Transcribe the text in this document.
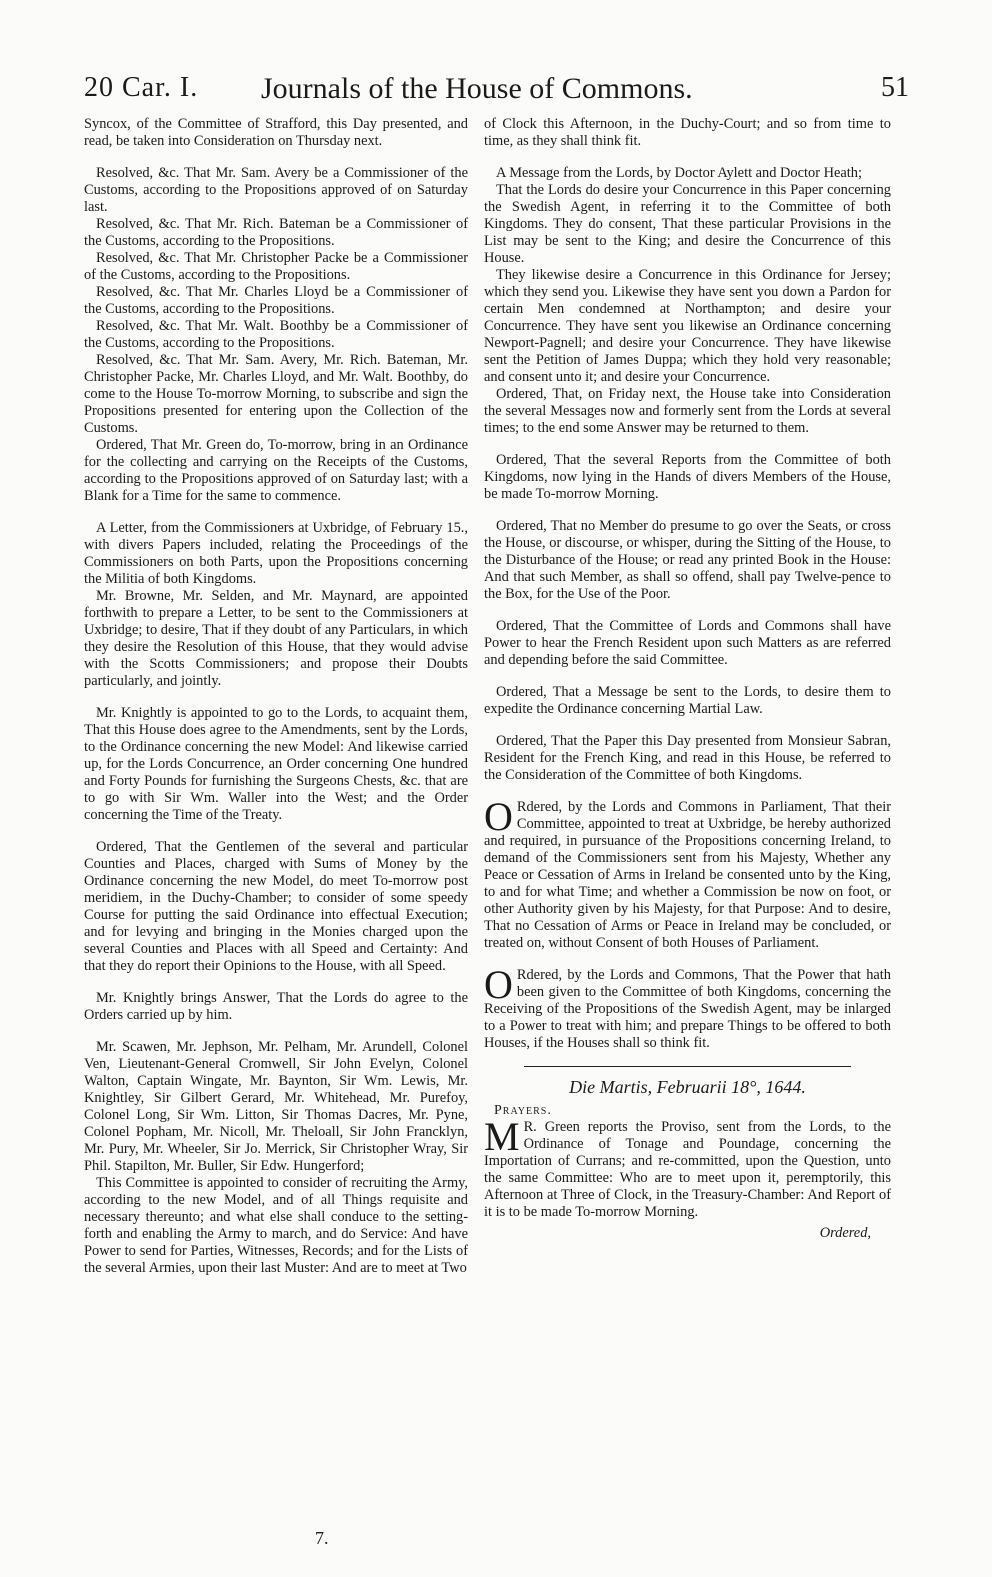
20 Car. I. Journals of the House of Commons.	51

Syncox, of the Committee of Strafford, this Day presented, and read, be taken into Consideration on Thursday next.

Resolved, &c. That Mr. Sam. Avery be a Commissioner of the Customs, according to the Propositions approved of on Saturday last.

Resolved, &c. That Mr. Rich. Bateman be a Commissioner of the Customs, according to the Propositions.

Resolved, &c. That Mr. Christopher Packe be a Commissioner of the Customs, according to the Propositions.

Resolved, &c. That Mr. Charles Lloyd be a Commissioner of the Customs, according to the Propositions.

Resolved, &c. That Mr. Walt. Boothby be a Commissioner of the Customs, according to the Propositions.

Resolved, &c. That Mr. Sam. Avery, Mr. Rich. Bateman, Mr. Christopher Packe, Mr. Charles Lloyd, and Mr. Walt. Boothby, do come to the House To-morrow Morning, to subscribe and sign the Propositions presented for entering upon the Collection of the Customs.

Ordered, That Mr. Green do, To-morrow, bring in an Ordinance for the collecting and carrying on the Receipts of the Customs, according to the Propositions approved of on Saturday last; with a Blank for a Time for the same to commence.

A Letter, from the Commissioners at Uxbridge, of February 15., with divers Papers included, relating the Proceedings of the Commissioners on both Parts, upon the Propositions concerning the Militia of both Kingdoms.

Mr. Browne, Mr. Selden, and Mr. Maynard, are appointed forthwith to prepare a Letter, to be sent to the Commissioners at Uxbridge; to desire, That if they doubt of any Particulars, in which they desire the Resolution of this House, that they would advise with the Scotts Commissioners; and propose their Doubts particularly, and jointly.

Mr. Knightly is appointed to go to the Lords, to acquaint them, That this House does agree to the Amendments, sent by the Lords, to the Ordinance concerning the new Model: And likewise carried up, for the Lords Concurrence, an Order concerning One hundred and Forty Pounds for furnishing the Surgeons Chests, &c. that are to go with Sir Wm. Waller into the West; and the Order concerning the Time of the Treaty.

Ordered, That the Gentlemen of the several and particular Counties and Places, charged with Sums of Money by the Ordinance concerning the new Model, do meet To-morrow post meridiem, in the Duchy-Chamber; to consider of some speedy Course for putting the said Ordinance into effectual Execution; and for levying and bringing in the Monies charged upon the several Counties and Places with all Speed and Certainty: And that they do report their Opinions to the House, with all Speed.

Mr. Knightly brings Answer, That the Lords do agree to the Orders carried up by him.

Mr. Scawen, Mr. Jephson, Mr. Pelham, Mr. Arundell, Colonel Ven, Lieutenant-General Cromwell, Sir John Evelyn, Colonel Walton, Captain Wingate, Mr. Baynton, Sir Wm. Lewis, Mr. Knightley, Sir Gilbert Gerard, Mr. Whitehead, Mr. Purefoy, Colonel Long, Sir Wm. Litton, Sir Thomas Dacres, Mr. Pyne, Colonel Popham, Mr. Nicoll, Mr. Theloall, Sir John Francklyn, Mr. Pury, Mr. Wheeler, Sir Jo. Merrick, Sir Christopher Wray, Sir Phil. Stapilton, Mr. Buller, Sir Edw. Hungerford;

This Committee is appointed to consider of recruiting the Army, according to the new Model, and of all Things requisite and necessary thereunto; and what else shall conduce to the setting-forth and enabling the Army to march, and do Service: And have Power to send for Parties, Witnesses, Records; and for the Lists of the several Armies, upon their last Muster: And are to meet at Two

of Clock this Afternoon, in the Duchy-Court; and so from time to time, as they shall think fit.

A Message from the Lords, by Doctor Aylett and Doctor Heath;

That the Lords do desire your Concurrence in this Paper concerning the Swedish Agent, in referring it to the Committee of both Kingdoms. They do consent, That these particular Provisions in the List may be sent to the King; and desire the Concurrence of this House.

They likewise desire a Concurrence in this Ordinance for Jersey; which they send you. Likewise they have sent you down a Pardon for certain Men condemned at Northampton; and desire your Concurrence. They have sent you likewise an Ordinance concerning Newport-Pagnell; and desire your Concurrence. They have likewise sent the Petition of James Duppa; which they hold very reasonable; and consent unto it; and desire your Concurrence.

Ordered, That, on Friday next, the House take into Consideration the several Messages now and formerly sent from the Lords at several times; to the end some Answer may be returned to them.

Ordered, That the several Reports from the Committee of both Kingdoms, now lying in the Hands of divers Members of the House, be made To-morrow Morning.

Ordered, That no Member do presume to go over the Seats, or cross the House, or discourse, or whisper, during the Sitting of the House, to the Disturbance of the House; or read any printed Book in the House: And that such Member, as shall so offend, shall pay Twelve-pence to the Box, for the Use of the Poor.

Ordered, That the Committee of Lords and Commons shall have Power to hear the French Resident upon such Matters as are referred and depending before the said Committee.

Ordered, That a Message be sent to the Lords, to desire them to expedite the Ordinance concerning Martial Law.

Ordered, That the Paper this Day presented from Monsieur Sabran, Resident for the French King, and read in this House, be referred to the Consideration of the Committee of both Kingdoms.

O Rdered, by the Lords and Commons in Parliament, That their Committee, appointed to treat at Uxbridge, be hereby authorized and required, in pursuance of the Propositions concerning Ireland, to demand of the Commissioners sent from his Majesty, Whether any Peace or Cessation of Arms in Ireland be consented unto by the King, to and for what Time; and whether a Commission be now on foot, or other Authority given by his Majesty, for that Purpose: And to desire, That no Cessation of Arms or Peace in Ireland may be concluded, or treated on, without Consent of both Houses of Parliament.

O Rdered, by the Lords and Commons, That the Power that hath been given to the Committee of both Kingdoms, concerning the Receiving of the Propositions of the Swedish Agent, may be inlarged to a Power to treat with him; and prepare Things to be offered to both Houses, if the Houses shall so think fit.

Die Martis, Februarii 18°, 1644.

Prayers.

M R. Green reports the Proviso, sent from the Lords, to the Ordinance of Tonage and Poundage, concerning the Importation of Currans; and re-committed, upon the Question, unto the same Committee: Who are to meet upon it, peremptorily, this Afternoon at Three of Clock, in the Treasury-Chamber: And Report of it is to be made To-morrow Morning.

Ordered,
7.
